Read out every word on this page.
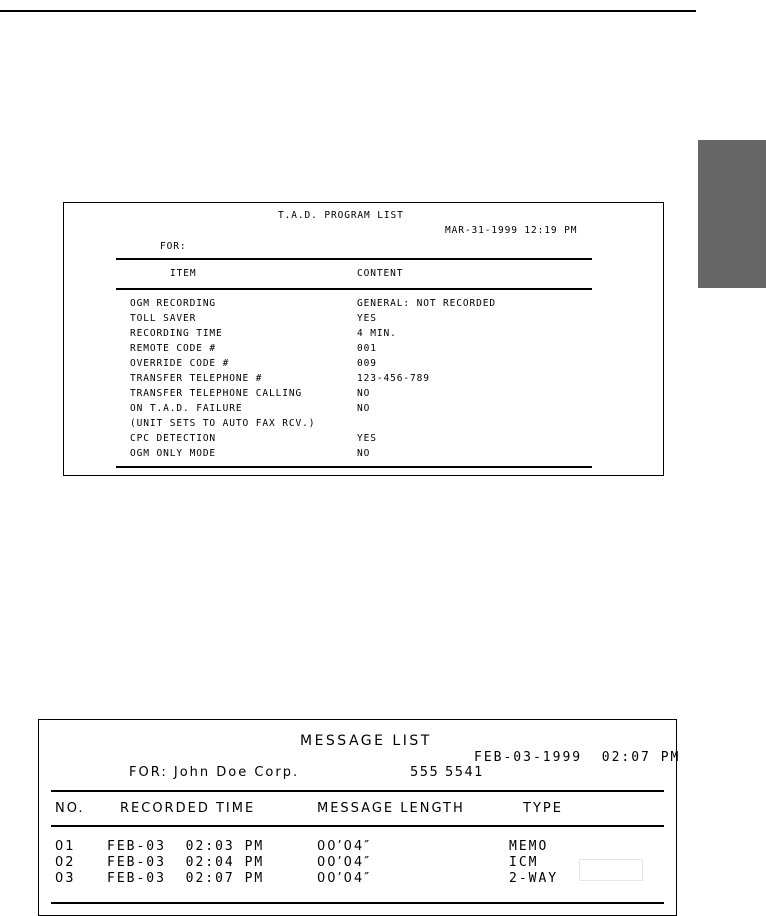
T.A.D. PROGRAM LIST
MAR-31-1999 12:19 PM
FOR:
ITEM	CONTENT
OGM RECORDING	GENERAL: NOT RECORDED
TOLL SAVER	YES
RECORDING TIME	4 MIN.
REMOTE CODE #	001
OVERRIDE CODE #	009
TRANSFER TELEPHONE #	123-456-789
TRANSFER TELEPHONE CALLING	NO
ON T.A.D. FAILURE	NO
(UNIT SETS TO AUTO FAX RCV.)
CPC DETECTION	YES
OGM ONLY MODE	NO
MESSAGE LIST
FEB-03-1999  02:07 PM
FOR: John Doe Corp.	555 5541
NO.	RECORDED TIME	MESSAGE LENGTH	TYPE
01 FEB-03  02:03 PM	00’04″	MEMO
02 FEB-03  02:04 PM	00’04″	ICM
03 FEB-03  02:07 PM	00’04″	2-WAY
